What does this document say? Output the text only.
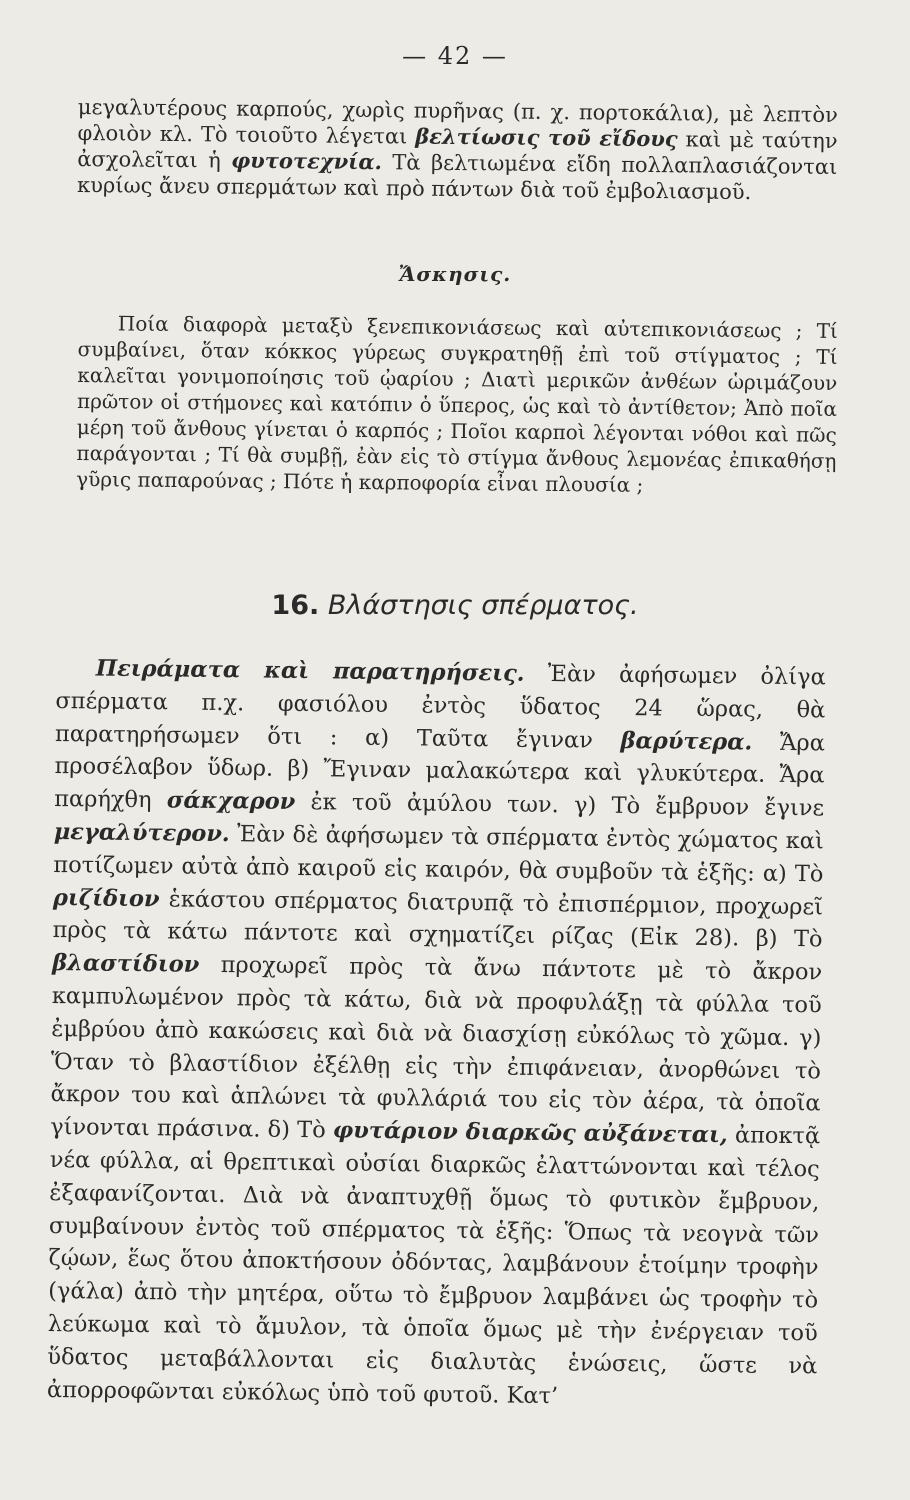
— 42 —
μεγαλυτέρους καρπούς, χωρὶς πυρῆνας (π. χ. πορτοκάλια), μὲ λεπτὸν φλοιὸν κλ. Τὸ τοιοῦτο λέγεται βελτίωσις τοῦ εἴδους καὶ μὲ ταύτην ἀσχολεῖται ἡ φυτοτεχνία. Τὰ βελτιωμένα εἴδη πολλαπλασιάζονται κυρίως ἄνευ σπερμάτων καὶ πρὸ πάντων διὰ τοῦ ἐμβολιασμοῦ.
Ἄσκησις.
Ποία διαφορὰ μεταξὺ ξενεπικονιάσεως καὶ αὐτεπικονιάσεως ; Τί συμβαίνει, ὅταν κόκκος γύρεως συγκρατηθῇ ἐπὶ τοῦ στίγματος ; Τί καλεῖται γονιμοποίησις τοῦ ᾠαρίου ; Διατὶ μερικῶν ἀνθέων ὡριμάζουν πρῶτον οἱ στήμονες καὶ κατόπιν ὁ ὕπερος, ὡς καὶ τὸ ἀντίθετον; Ἀπὸ ποῖα μέρη τοῦ ἄνθους γίνεται ὁ καρπός ; Ποῖοι καρποὶ λέγονται νόθοι καὶ πῶς παράγονται ; Τί θὰ συμβῇ, ἐὰν εἰς τὸ στίγμα ἄνθους λεμονέας ἐπικαθήσῃ γῦρις παπαρούνας ; Πότε ἡ καρποφορία εἶναι πλουσία ;
16. Βλάστησις σπέρματος.
Πειράματα καὶ παρατηρήσεις. Ἐὰν ἀφήσωμεν ὀλίγα σπέρματα π.χ. φασιόλου ἐντὸς ὕδατος 24 ὥρας, θὰ παρατηρήσωμεν ὅτι : α) Ταῦτα ἔγιναν βαρύτερα. Ἄρα προσέλαβον ὕδωρ. β) Ἔγιναν μαλακώτερα καὶ γλυκύτερα. Ἄρα παρήχθη σάκχαρον ἐκ τοῦ ἀμύλου των. γ) Τὸ ἔμβρυον ἔγινε μεγαλύτερον. Ἐὰν δὲ ἀφήσωμεν τὰ σπέρματα ἐντὸς χώματος καὶ ποτίζωμεν αὐτὰ ἀπὸ καιροῦ εἰς καιρόν, θὰ συμβοῦν τὰ ἑξῆς: α) Τὸ ριζίδιον ἑκάστου σπέρματος διατρυπᾷ τὸ ἐπισπέρμιον, προχωρεῖ πρὸς τὰ κάτω πάντοτε καὶ σχηματίζει ρίζας (Εἰκ 28). β) Τὸ βλαστίδιον προχωρεῖ πρὸς τὰ ἄνω πάντοτε μὲ τὸ ἄκρον καμπυλωμένον πρὸς τὰ κάτω, διὰ νὰ προφυλάξῃ τὰ φύλλα τοῦ ἐμβρύου ἀπὸ κακώσεις καὶ διὰ νὰ διασχίσῃ εὐκόλως τὸ χῶμα. γ) Ὅταν τὸ βλαστίδιον ἐξέλθῃ εἰς τὴν ἐπιφάνειαν, ἀνορθώνει τὸ ἄκρον του καὶ ἁπλώνει τὰ φυλλάριά του εἰς τὸν ἀέρα, τὰ ὁποῖα γίνονται πράσινα. δ) Τὸ φυτάριον διαρκῶς αὐξάνεται, ἀποκτᾷ νέα φύλλα, αἱ θρεπτικαὶ οὐσίαι διαρκῶς ἐλαττώνονται καὶ τέλος ἐξαφανίζονται. Διὰ νὰ ἀναπτυχθῇ ὅμως τὸ φυτικὸν ἔμβρυον, συμβαίνουν ἐντὸς τοῦ σπέρματος τὰ ἑξῆς: Ὅπως τὰ νεογνὰ τῶν ζῴων, ἕως ὅτου ἀποκτήσουν ὀδόντας, λαμβάνουν ἑτοίμην τροφὴν (γάλα) ἀπὸ τὴν μητέρα, οὕτω τὸ ἔμβρυον λαμβάνει ὡς τροφὴν τὸ λεύκωμα καὶ τὸ ἄμυλον, τὰ ὁποῖα ὅμως μὲ τὴν ἐνέργειαν τοῦ ὕδατος μεταβάλλονται εἰς διαλυτὰς ἑνώσεις, ὥστε νὰ ἀπορροφῶνται εὐκόλως ὑπὸ τοῦ φυτοῦ. Κατ’
